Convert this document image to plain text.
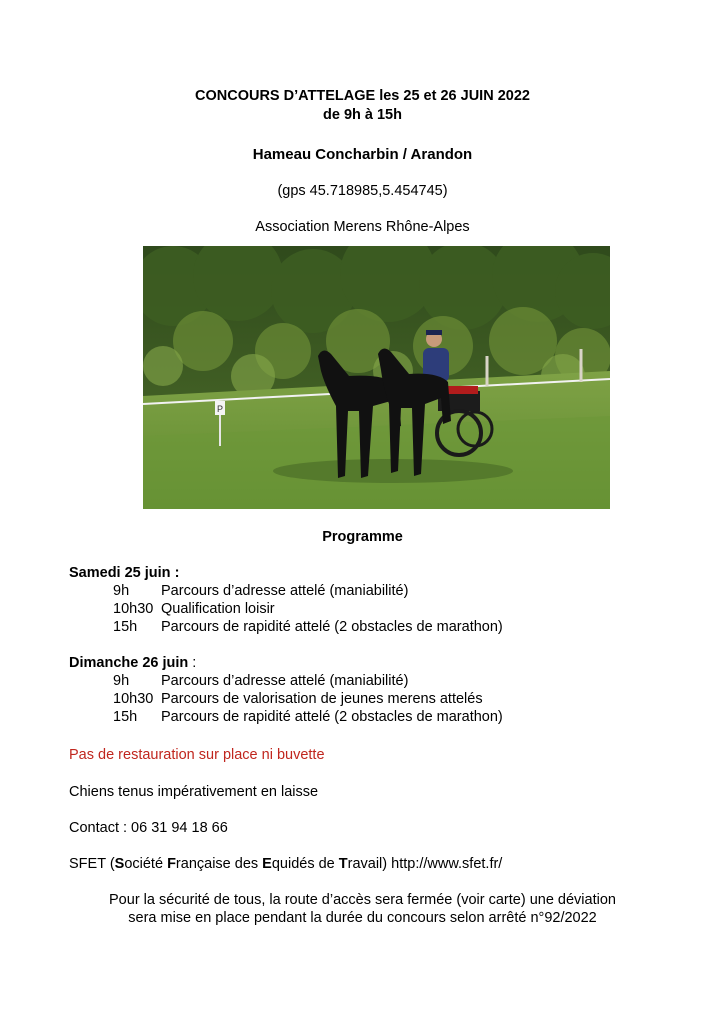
CONCOURS D’ATTELAGE les 25 et 26 JUIN 2022
de 9h à 15h
Hameau Concharbin / Arandon
(gps 45.718985,5.454745)
Association Merens Rhône-Alpes
P
Programme
Samedi 25 juin :
9h Parcours d’adresse attelé (maniabilité)
10h30 Qualification loisir
15h Parcours de rapidité attelé (2 obstacles de marathon)
Dimanche 26 juin :
9h Parcours d’adresse attelé (maniabilité)
10h30 Parcours de valorisation de jeunes merens attelés
15h Parcours de rapidité attelé (2 obstacles de marathon)
Pas de restauration sur place ni buvette
Chiens tenus impérativement en laisse
Contact : 06 31 94 18 66
SFET (Société Française des Equidés de Travail) http://www.sfet.fr/
Pour la sécurité de tous, la route d’accès sera fermée (voir carte) une déviation
sera mise en place pendant la durée du concours selon arrêté n°92/2022
